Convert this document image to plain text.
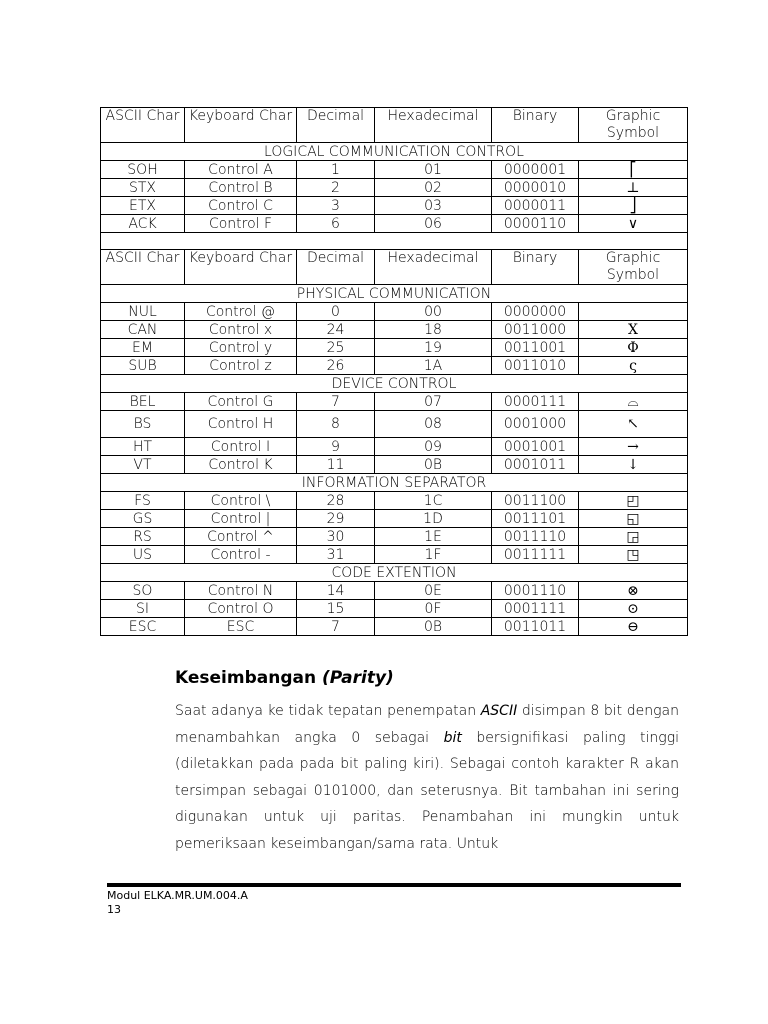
ASCII Char	Keyboard Char	Decimal	Hexadecimal	Binary	Graphic Symbol
LOGICAL COMMUNICATION CONTROL					
SOH	Control A	1	01	0000001	⎡
STX	Control B	2	02	0000010	⊥
ETX	Control C	3	03	0000011	⎦
ACK	Control F	6	06	0000110	∨

ASCII Char	Keyboard Char	Decimal	Hexadecimal	Binary	Graphic Symbol
PHYSICAL COMMUNICATION					
NUL	Control @	0	00	0000000	
CAN	Control x	24	18	0011000	X
EM	Control y	25	19	0011001	Φ
SUB	Control z	26	1A	0011010	ς
DEVICE CONTROL					
BEL	Control G	7	07	0000111	⌓
BS	Control H	8	08	0001000	↖
HT	Control I	9	09	0001001	→
VT	Control K	11	0B	0001011	↓
INFORMATION SEPARATOR					
FS	Control \	28	1C	0011100	◰
GS	Control |	29	1D	0011101	◱
RS	Control ^	30	1E	0011110	◲
US	Control -	31	1F	0011111	◳
CODE EXTENTION					
SO	Control N	14	0E	0001110	⊗
SI	Control O	15	0F	0001111	⊙
ESC	ESC	7	0B	0011011	⊖
Keseimbangan (Parity)
Saat adanya ke tidak tepatan penempatan ASCII disimpan 8 bit dengan menambahkan angka 0 sebagai bit bersignifikasi paling tinggi (diletakkan pada pada bit paling kiri). Sebagai contoh karakter R akan tersimpan sebagai 0101000, dan seterusnya. Bit tambahan ini sering digunakan untuk uji paritas. Penambahan ini mungkin untuk pemeriksaan keseimbangan/sama rata. Untuk
Modul ELKA.MR.UM.004.A
13
